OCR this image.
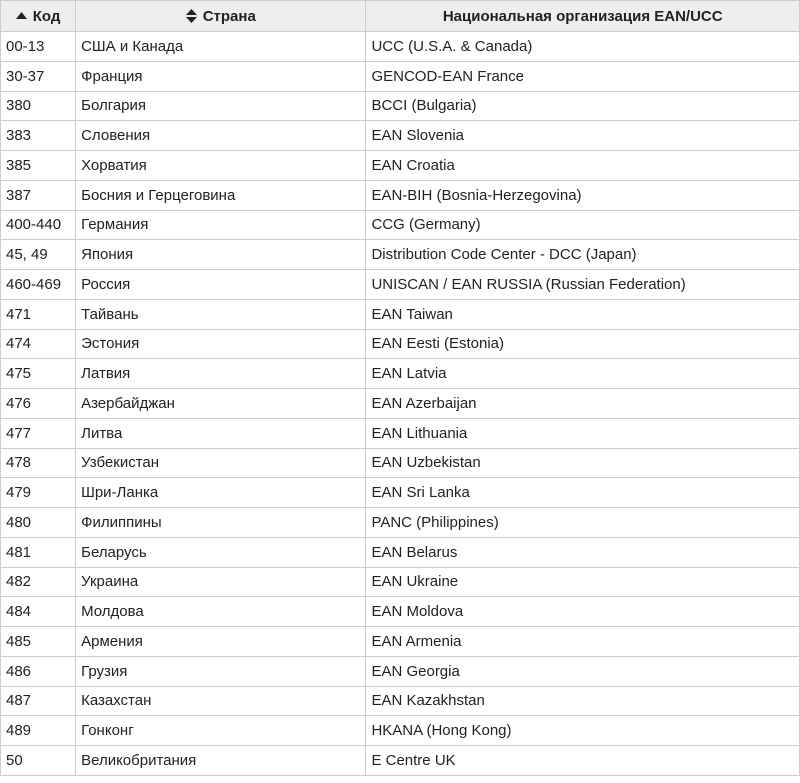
Код	Страна	Национальная организация EAN/UCC
00-13	США и Канада	UCC (U.S.A. & Canada)
30-37	Франция	GENCOD-EAN France
380	Болгария	BCCI (Bulgaria)
383	Словения	EAN Slovenia
385	Хорватия	EAN Croatia
387	Босния и Герцеговина	EAN-BIH (Bosnia-Herzegovina)
400-440	Германия	CCG (Germany)
45, 49	Япония	Distribution Code Center - DCC (Japan)
460-469	Россия	UNISCAN / EAN RUSSIA (Russian Federation)
471	Тайвань	EAN Taiwan
474	Эстония	EAN Eesti (Estonia)
475	Латвия	EAN Latvia
476	Азербайджан	EAN Azerbaijan
477	Литва	EAN Lithuania
478	Узбекистан	EAN Uzbekistan
479	Шри-Ланка	EAN Sri Lanka
480	Филиппины	PANC (Philippines)
481	Беларусь	EAN Belarus
482	Украина	EAN Ukraine
484	Молдова	EAN Moldova
485	Армения	EAN Armenia
486	Грузия	EAN Georgia
487	Казахстан	EAN Kazakhstan
489	Гонконг	HKANA (Hong Kong)
50	Великобритания	E Centre UK
